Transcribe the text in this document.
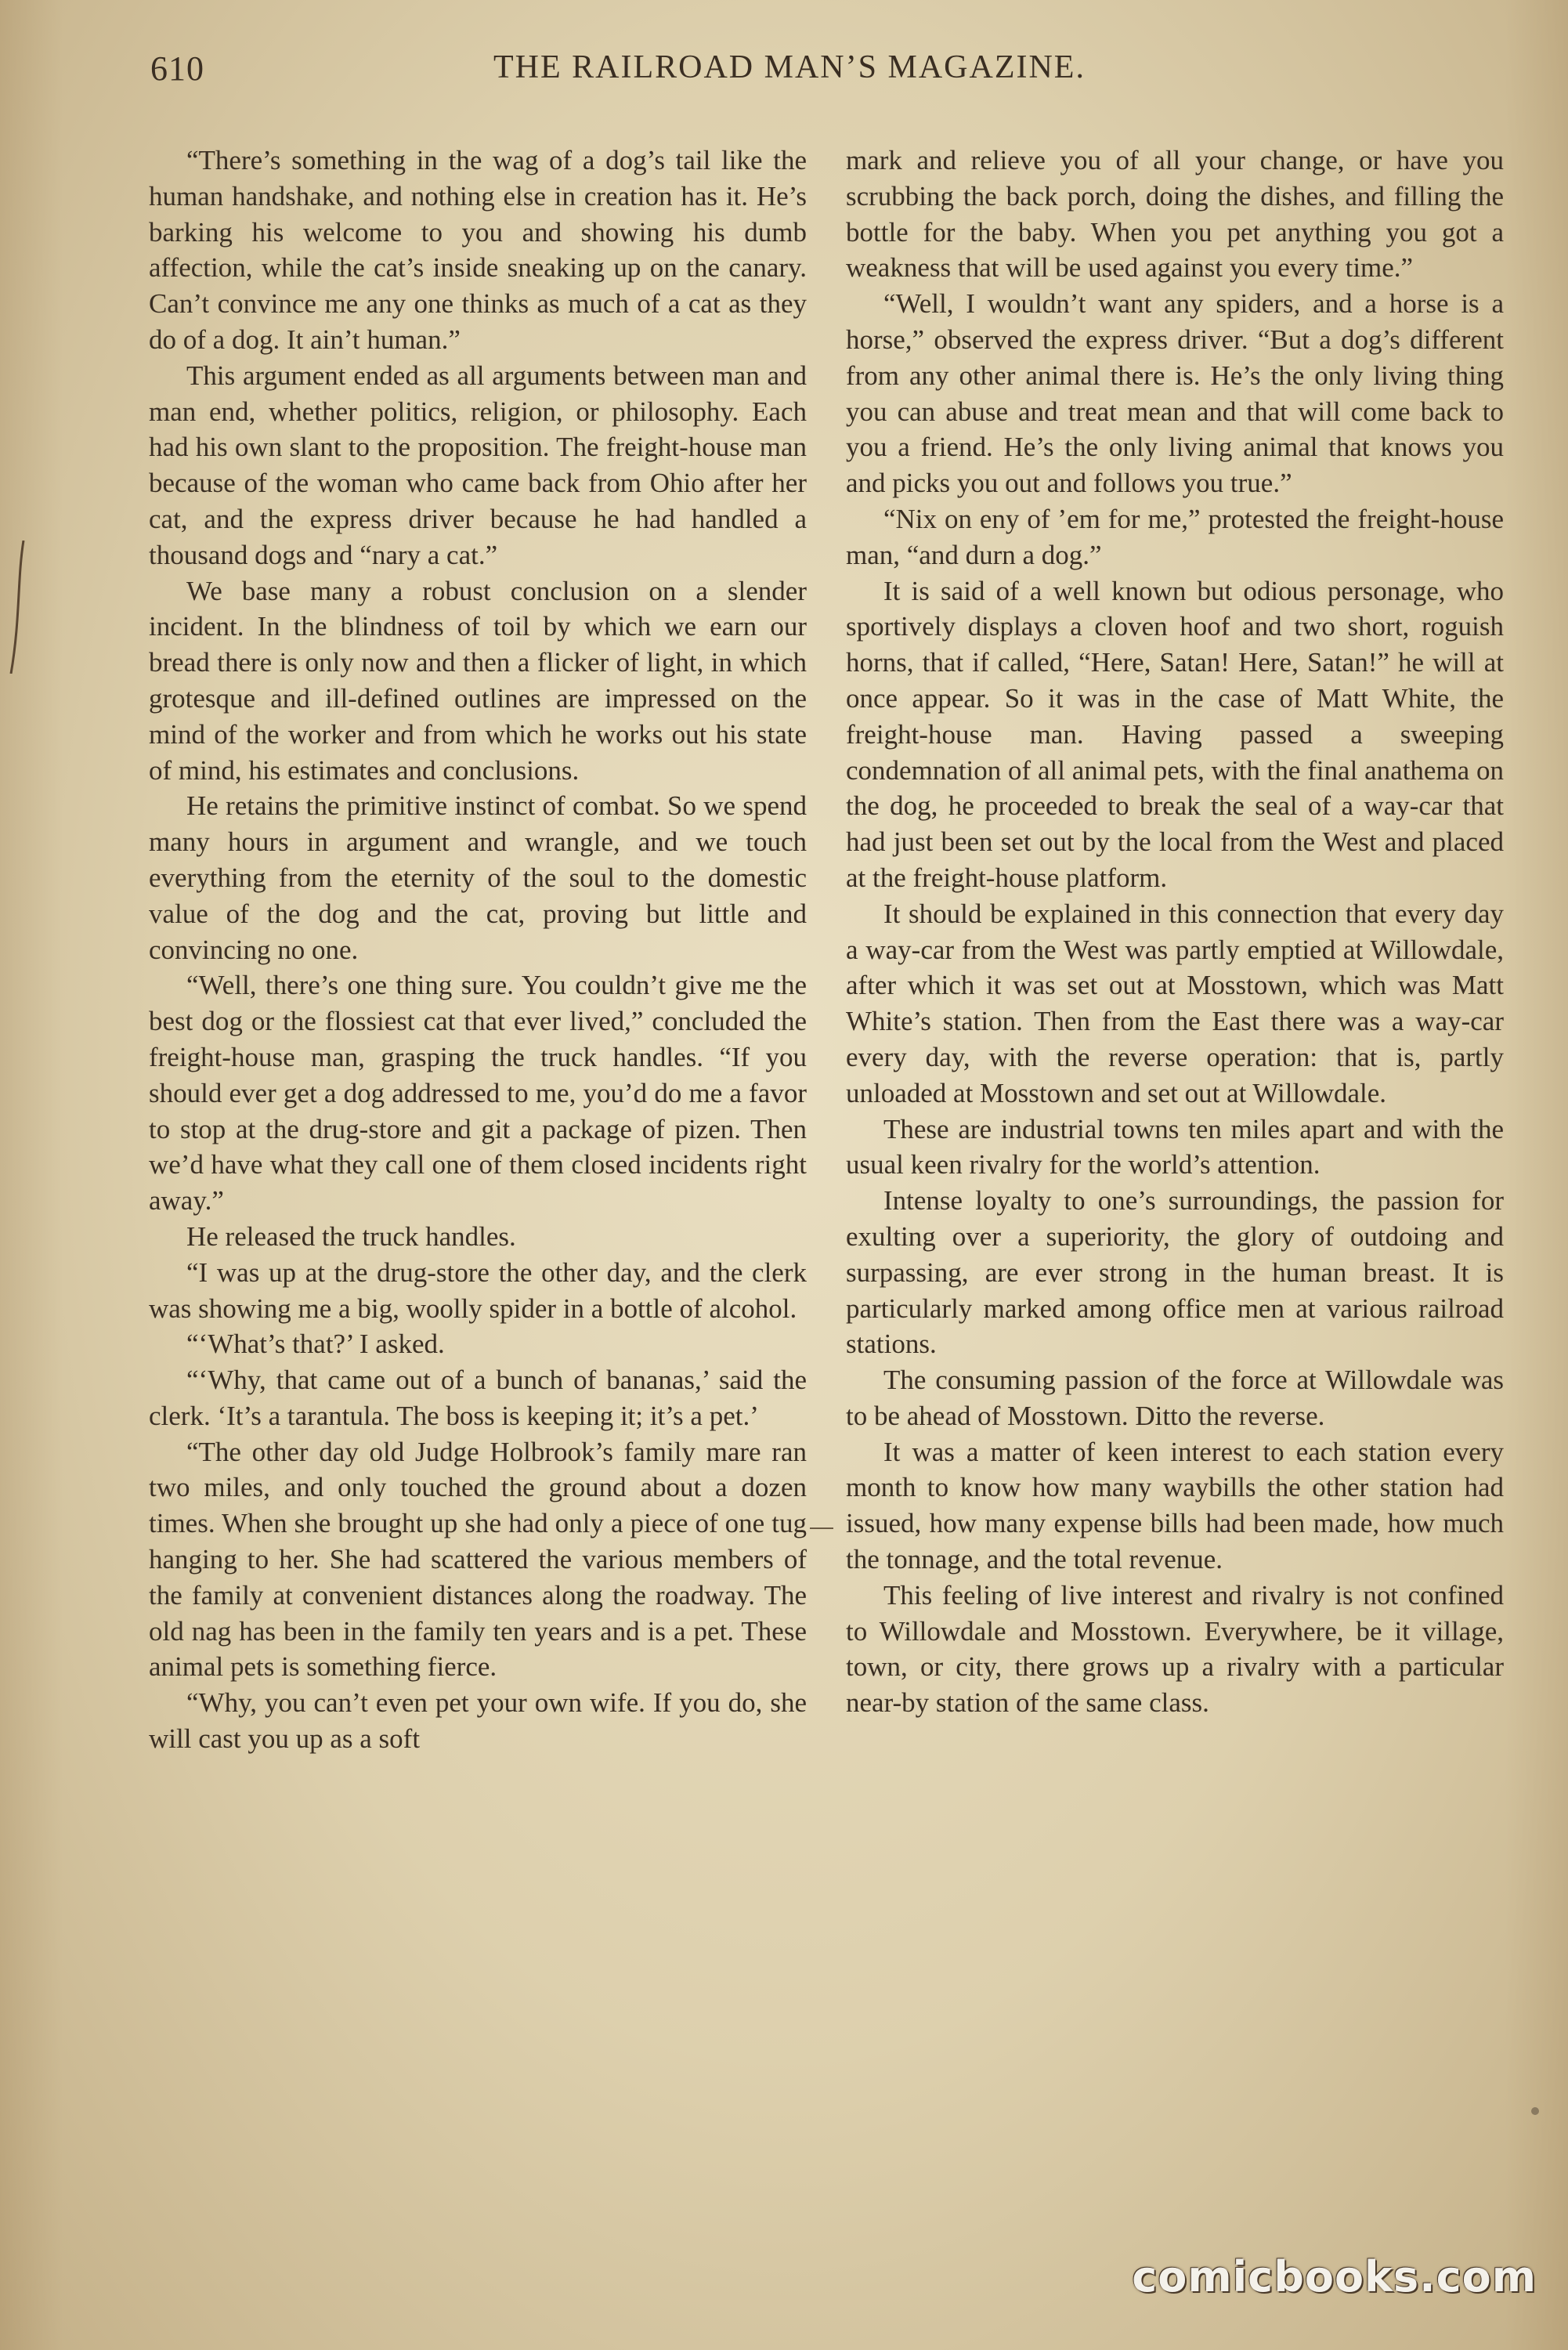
610	THE RAILROAD MAN’S MAGAZINE.

“There’s something in the wag of a dog’s tail like the human handshake, and nothing else in creation has it. He’s barking his welcome to you and showing his dumb affection, while the cat’s inside sneaking up on the canary. Can’t convince me any one thinks as much of a cat as they do of a dog. It ain’t human.”

This argument ended as all arguments between man and man end, whether politics, religion, or philosophy. Each had his own slant to the proposition. The freight-house man because of the woman who came back from Ohio after her cat, and the express driver because he had handled a thousand dogs and “nary a cat.”

We base many a robust conclusion on a slender incident. In the blindness of toil by which we earn our bread there is only now and then a flicker of light, in which grotesque and ill-defined outlines are impressed on the mind of the worker and from which he works out his state of mind, his estimates and conclusions.

He retains the primitive instinct of combat. So we spend many hours in argument and wrangle, and we touch everything from the eternity of the soul to the domestic value of the dog and the cat, proving but little and convincing no one.

“Well, there’s one thing sure. You couldn’t give me the best dog or the flossiest cat that ever lived,” concluded the freight-house man, grasping the truck handles. “If you should ever get a dog addressed to me, you’d do me a favor to stop at the drug-store and git a package of pizen. Then we’d have what they call one of them closed incidents right away.”

He released the truck handles.

“I was up at the drug-store the other day, and the clerk was showing me a big, woolly spider in a bottle of alcohol.

“‘What’s that?’ I asked.

“‘Why, that came out of a bunch of bananas,’ said the clerk. ‘It’s a tarantula. The boss is keeping it; it’s a pet.’

“The other day old Judge Holbrook’s family mare ran two miles, and only touched the ground about a dozen times. When she brought up she had only a piece of one tug hanging to her. She had scattered the various members of the family at convenient distances along the roadway. The old nag has been in the family ten years and is a pet. These animal pets is something fierce.

“Why, you can’t even pet your own wife. If you do, she will cast you up as a soft

mark and relieve you of all your change, or have you scrubbing the back porch, doing the dishes, and filling the bottle for the baby. When you pet anything you got a weakness that will be used against you every time.”

“Well, I wouldn’t want any spiders, and a horse is a horse,” observed the express driver. “But a dog’s different from any other animal there is. He’s the only living thing you can abuse and treat mean and that will come back to you a friend. He’s the only living animal that knows you and picks you out and follows you true.”

“Nix on eny of ’em for me,” protested the freight-house man, “and durn a dog.”

It is said of a well known but odious personage, who sportively displays a cloven hoof and two short, roguish horns, that if called, “Here, Satan! Here, Satan!” he will at once appear. So it was in the case of Matt White, the freight-house man. Having passed a sweeping condemnation of all animal pets, with the final anathema on the dog, he proceeded to break the seal of a way-car that had just been set out by the local from the West and placed at the freight-house platform.

It should be explained in this connection that every day a way-car from the West was partly emptied at Willowdale, after which it was set out at Mosstown, which was Matt White’s station. Then from the East there was a way-car every day, with the reverse operation: that is, partly unloaded at Mosstown and set out at Willowdale.

These are industrial towns ten miles apart and with the usual keen rivalry for the world’s attention.

Intense loyalty to one’s surroundings, the passion for exulting over a superiority, the glory of outdoing and surpassing, are ever strong in the human breast. It is particularly marked among office men at various railroad stations.

The consuming passion of the force at Willowdale was to be ahead of Mosstown. Ditto the reverse.

It was a matter of keen interest to each station every month to know how many waybills the other station had issued, how many expense bills had been made, how much the tonnage, and the total revenue.

This feeling of live interest and rivalry is not confined to Willowdale and Mosstown. Everywhere, be it village, town, or city, there grows up a rivalry with a particular near-by station of the same class.

comicbooks.com
